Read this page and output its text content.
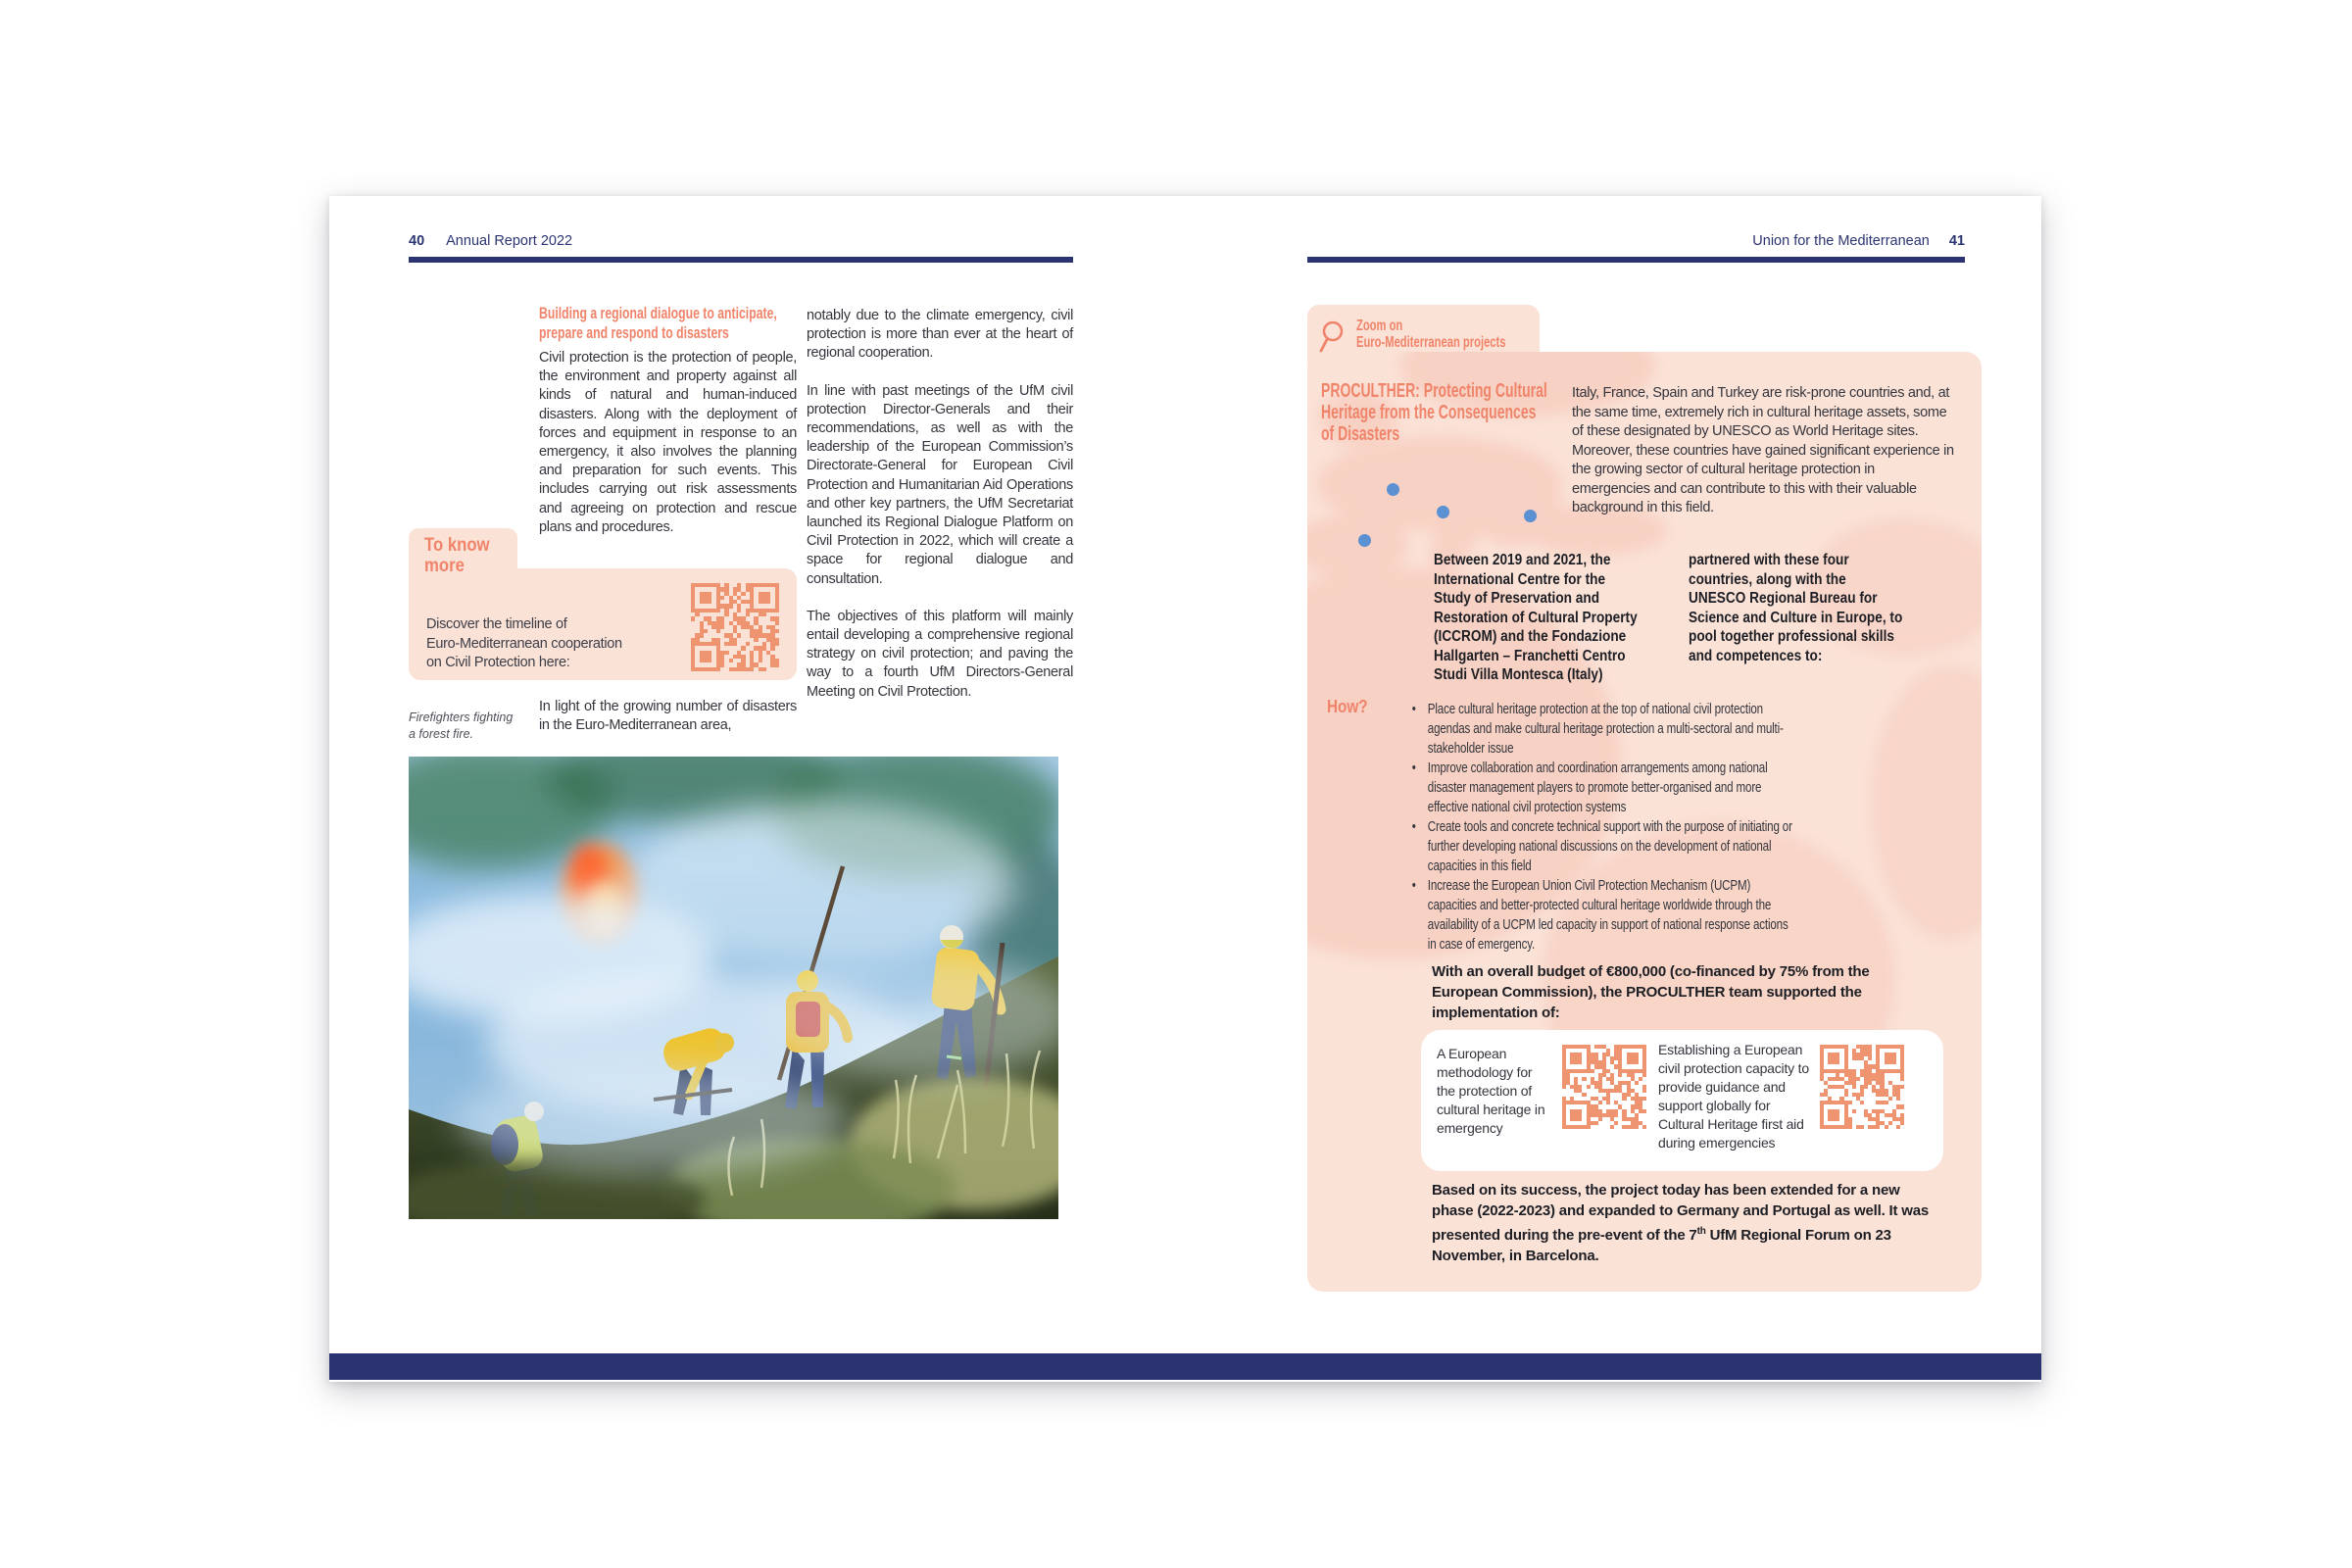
40 Annual Report 2022	Union for the Mediterranean 41
Building a regional dialogue to anticipate,
prepare and respond to disasters

Civil protection is the protection of people, the environment and property against all kinds of natural and human-induced disasters. Along with the deployment of forces and equipment in response to an emergency, it also involves the planning and preparation for such events. This includes carrying out risk assessments and agreeing on protection and rescue plans and procedures.

notably due to the climate emergency, civil protection is more than ever at the heart of regional cooperation.

In line with past meetings of the UfM civil protection Director-Generals and their recommendations, as well as with the leadership of the European Commission’s Directorate-General for European Civil Protection and Humanitarian Aid Operations and other key partners, the UfM Secretariat launched its Regional Dialogue Platform on Civil Protection in 2022, which will create a space for regional dialogue and consultation.

The objectives of this platform will mainly entail developing a comprehensive regional strategy on civil protection; and paving the way to a fourth UfM Directors-General Meeting on Civil Protection.

To know
more
Discover the timeline of
Euro-Mediterranean cooperation
on Civil Protection here:
Firefighters fighting
a forest fire.

In light of the growing number of disasters in the Euro-Mediterranean area,

Zoom on
Euro-Mediterranean projects
PROCULTHER: Protecting Cultural
Heritage from the Consequences
of Disasters

Italy, France, Spain and Turkey are risk-prone countries and, at the same time, extremely rich in cultural heritage assets, some of these designated by UNESCO as World Heritage sites. Moreover, these countries have gained significant experience in the growing sector of cultural heritage protection in emergencies and can contribute to this with their valuable background in this field.

Between 2019 and 2021, the
International Centre for the
Study of Preservation and
Restoration of Cultural Property
(ICCROM) and the Fondazione
Hallgarten – Franchetti Centro
Studi Villa Montesca (Italy)
partnered with these four
countries, along with the
UNESCO Regional Bureau for
Science and Culture in Europe, to
pool together professional skills
and competences to:
How?	• Place cultural heritage protection at the top of national civil protection agendas and make cultural heritage protection a multi-sectoral and multi-stakeholder issue
• Improve collaboration and coordination arrangements among national disaster management players to promote better-organised and more effective national civil protection systems
• Create tools and concrete technical support with the purpose of initiating or further developing national discussions on the development of national capacities in this field
• Increase the European Union Civil Protection Mechanism (UCPM) capacities and better-protected cultural heritage worldwide through the availability of a UCPM led capacity in support of national response actions in case of emergency.

With an overall budget of €800,000 (co-financed by 75% from the European Commission), the PROCULTHER team supported the implementation of:

A European methodology for the protection of cultural heritage in emergency
Establishing a European civil protection capacity to provide guidance and support globally for Cultural Heritage first aid during emergencies

Based on its success, the project today has been extended for a new phase (2022-2023) and expanded to Germany and Portugal as well. It was presented during the pre-event of the 7th UfM Regional Forum on 23 November, in Barcelona.
